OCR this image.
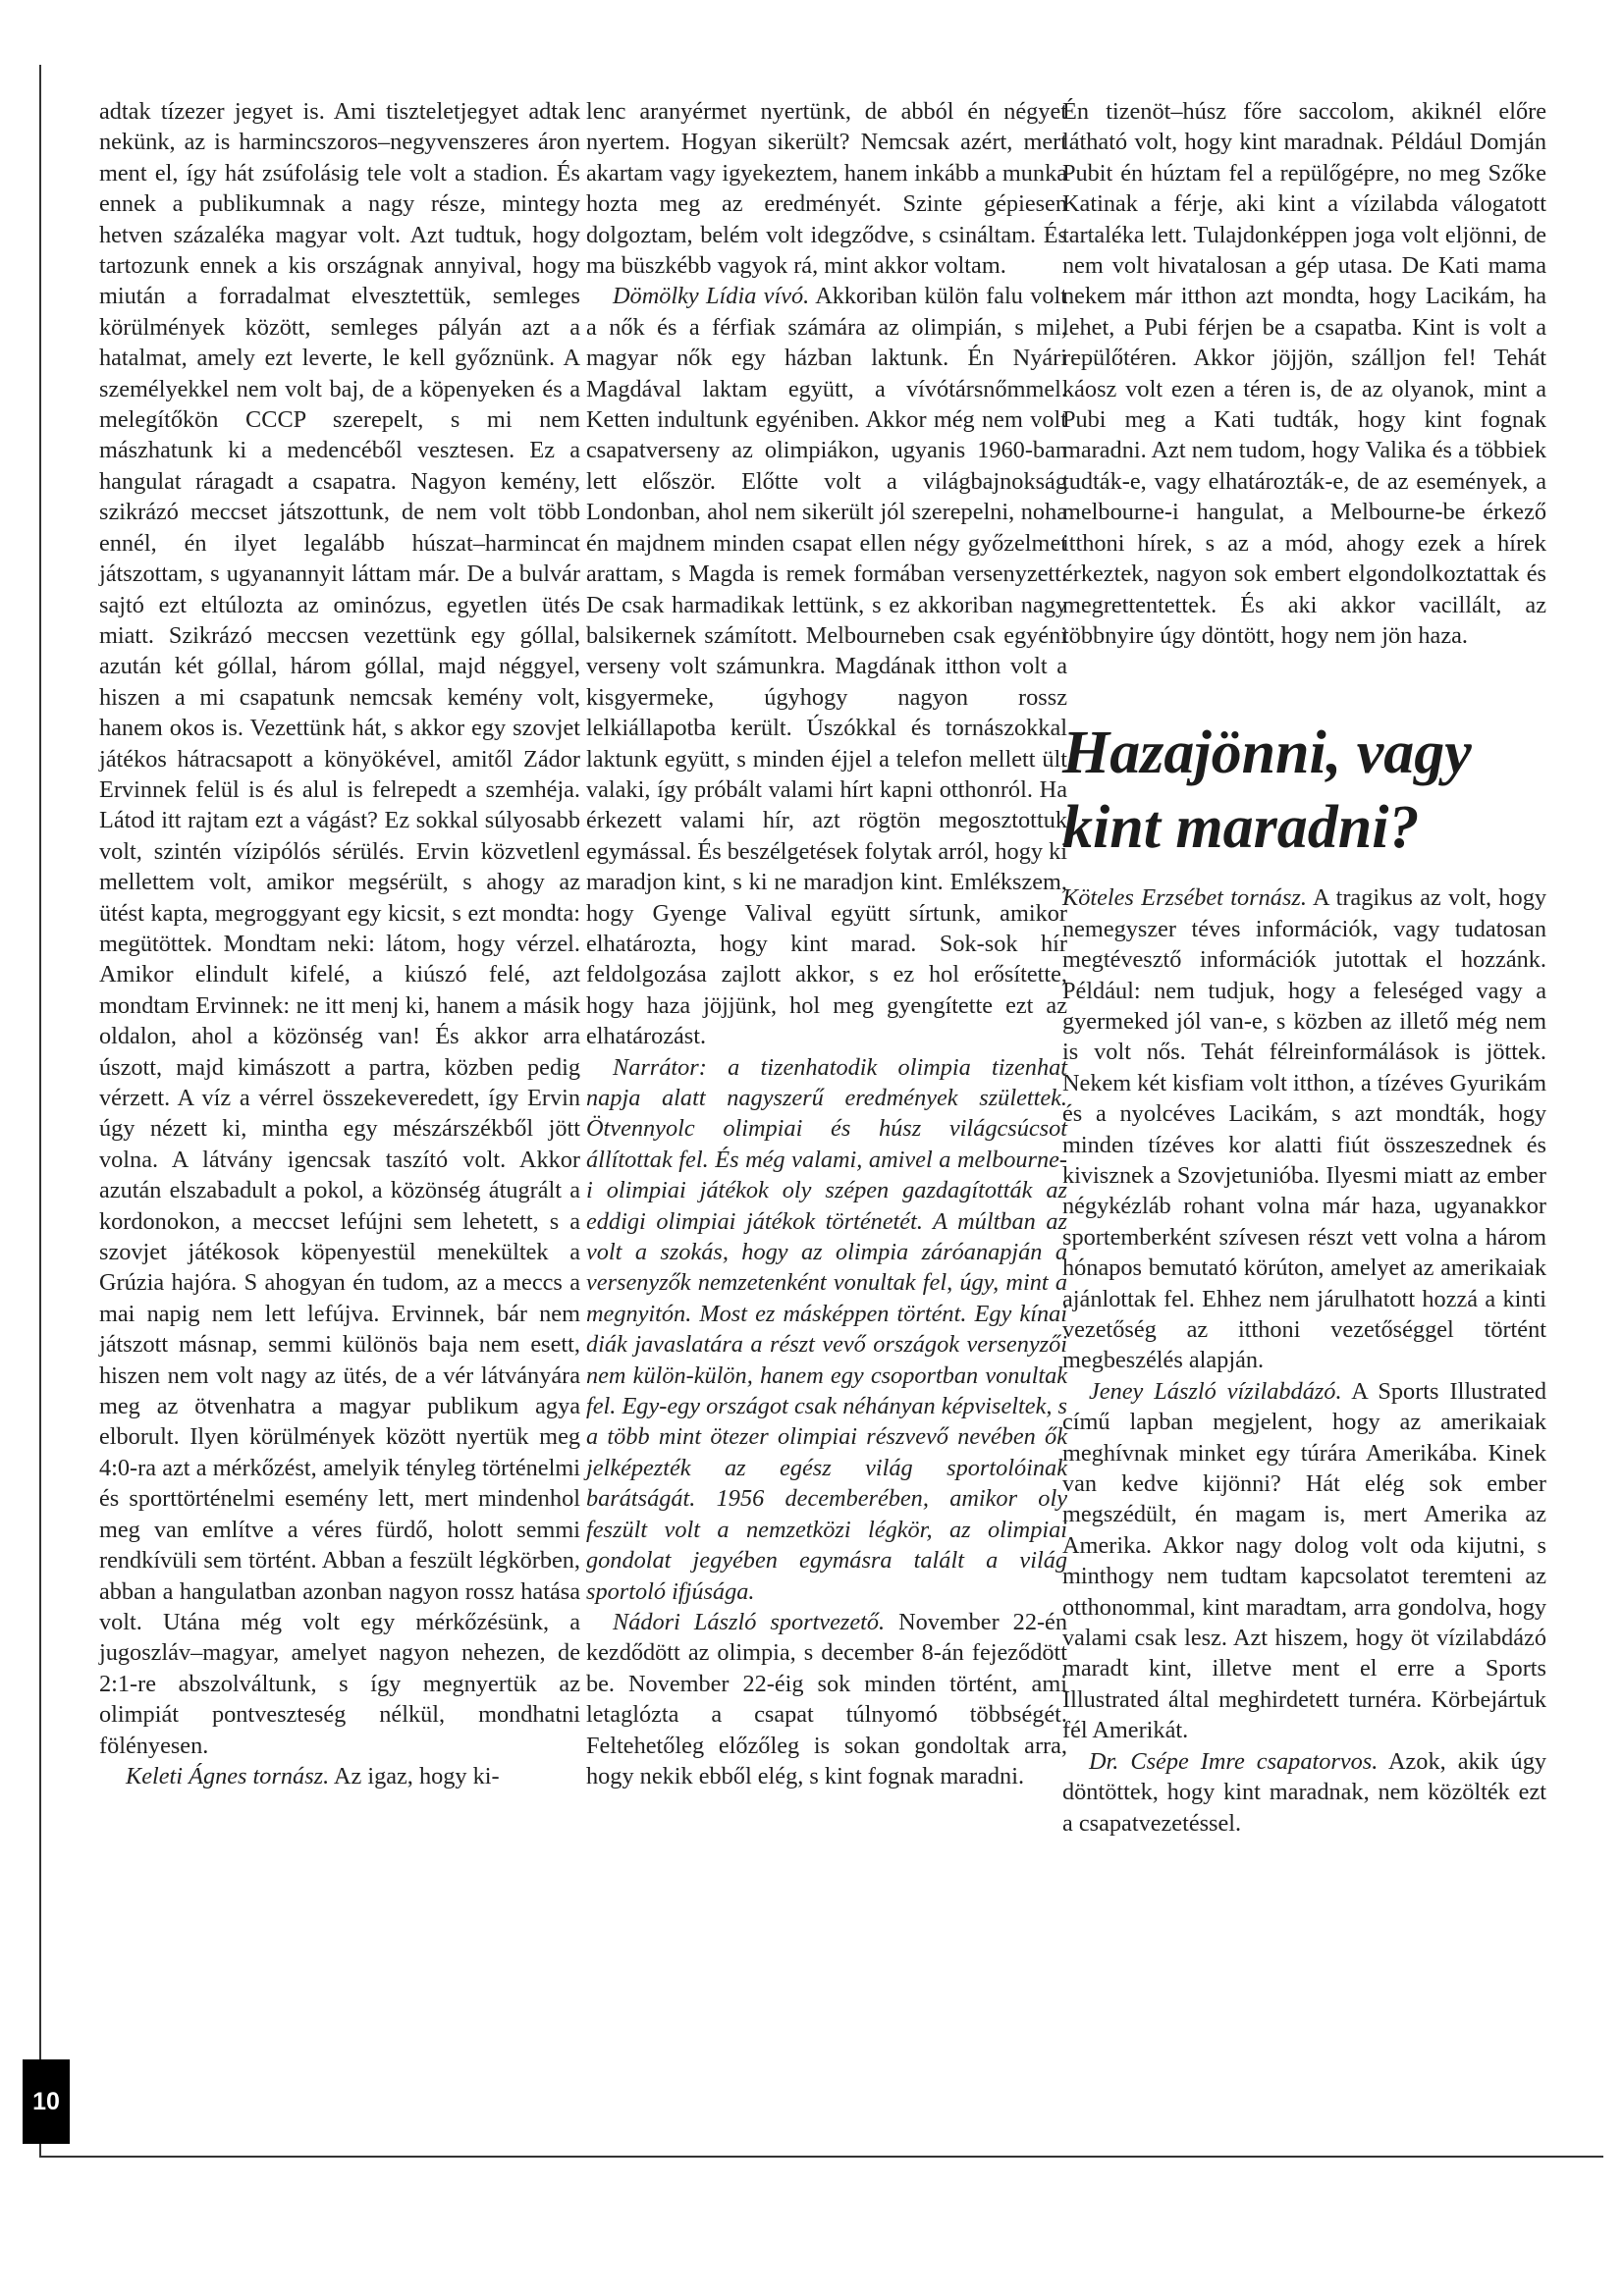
10

adtak tízezer jegyet is. Ami tiszteletjegyet adtak nekünk, az is harmincszoros–negyvenszeres áron ment el, így hát zsúfolásig tele volt a stadion. És ennek a publikumnak a nagy része, mintegy hetven százaléka magyar volt. Azt tudtuk, hogy tartozunk ennek a kis országnak annyival, hogy miután a forradalmat elvesztettük, semleges körülmények között, semleges pályán azt a hatalmat, amely ezt leverte, le kell győznünk. A személyekkel nem volt baj, de a köpenyeken és a melegítőkön CCCP szerepelt, s mi nem mászhatunk ki a medencéből vesztesen. Ez a hangulat ráragadt a csapatra. Nagyon kemény, szikrázó meccset játszottunk, de nem volt több ennél, én ilyet legalább húszat–harmincat játszottam, s ugyanannyit láttam már. De a bulvár sajtó ezt eltúlozta az ominózus, egyetlen ütés miatt. Szikrázó meccsen vezettünk egy góllal, azután két góllal, három góllal, majd néggyel, hiszen a mi csapatunk nemcsak kemény volt, hanem okos is. Vezettünk hát, s akkor egy szovjet játékos hátracsapott a könyökével, amitől Zádor Ervinnek felül is és alul is felrepedt a szemhéja. Látod itt rajtam ezt a vágást? Ez sokkal súlyosabb volt, szintén vízipólós sérülés. Ervin közvetlenl mellettem volt, amikor megsérült, s ahogy az ütést kapta, megroggyant egy kicsit, s ezt mondta: megütöttek. Mondtam neki: látom, hogy vérzel. Amikor elindult kifelé, a kiúszó felé, azt mondtam Ervinnek: ne itt menj ki, hanem a másik oldalon, ahol a közönség van! És akkor arra úszott, majd kimászott a partra, közben pedig vérzett. A víz a vérrel összekeveredett, így Ervin úgy nézett ki, mintha egy mészárszékből jött volna. A látvány igencsak taszító volt. Akkor azután elszabadult a pokol, a közönség átugrált a kordonokon, a meccset lefújni sem lehetett, s a szovjet játékosok köpenyestül menekültek a Grúzia hajóra. S ahogyan én tudom, az a meccs a mai napig nem lett lefújva. Ervinnek, bár nem játszott másnap, semmi különös baja nem esett, hiszen nem volt nagy az ütés, de a vér látványára meg az ötvenhatra a magyar publikum agya elborult. Ilyen körülmények között nyertük meg 4:0-ra azt a mérkőzést, amelyik tényleg történelmi és sporttörténelmi esemény lett, mert mindenhol meg van említve a véres fürdő, holott semmi rendkívüli sem történt. Abban a feszült légkörben, abban a hangulatban azonban nagyon rossz hatása volt. Utána még volt egy mérkőzésünk, a jugoszláv–magyar, amelyet nagyon nehezen, de 2:1-re abszolváltunk, s így megnyertük az olimpiát pontveszteség nélkül, mondhatni fölényesen.

Keleti Ágnes tornász. Az igaz, hogy ki-

lenc aranyérmet nyertünk, de abból én négyet nyertem. Hogyan sikerült? Nemcsak azért, mert akartam vagy igyekeztem, hanem inkább a munka hozta meg az eredményét. Szinte gépiesen dolgoztam, belém volt idegződve, s csináltam. És ma büszkébb vagyok rá, mint akkor voltam.

Dömölky Lídia vívó. Akkoriban külön falu volt a nők és a férfiak számára az olimpián, s mi, magyar nők egy házban laktunk. Én Nyári Magdával laktam együtt, a vívótársnőmmel. Ketten indultunk egyéniben. Akkor még nem volt csapatverseny az olimpiákon, ugyanis 1960-ban lett először. Előtte volt a világbajnokság Londonban, ahol nem sikerült jól szerepelni, noha én majdnem minden csapat ellen négy győzelmet arattam, s Magda is remek formában versenyzett. De csak harmadikak lettünk, s ez akkoriban nagy balsikernek számított. Melbourneben csak egyéni verseny volt számunkra. Magdának itthon volt a kisgyermeke, úgyhogy nagyon rossz lelkiállapotba került. Úszókkal és tornászokkal laktunk együtt, s minden éjjel a telefon mellett ült valaki, így próbált valami hírt kapni otthonról. Ha érkezett valami hír, azt rögtön megosztottuk egymással. És beszélgetések folytak arról, hogy ki maradjon kint, s ki ne maradjon kint. Emlékszem, hogy Gyenge Valival együtt sírtunk, amikor elhatározta, hogy kint marad. Sok-sok hír feldolgozása zajlott akkor, s ez hol erősítette, hogy haza jöjjünk, hol meg gyengítette ezt az elhatározást.

Narrátor: a tizenhatodik olimpia tizenhat napja alatt nagyszerű eredmények születtek. Ötvennyolc olimpiai és húsz világcsúcsot állítottak fel. És még valami, amivel a melbourne-i olimpiai játékok oly szépen gazdagították az eddigi olimpiai játékok történetét. A múltban az volt a szokás, hogy az olimpia záróanapján a versenyzők nemzetenként vonultak fel, úgy, mint a megnyitón. Most ez másképpen történt. Egy kínai diák javaslatára a részt vevő országok versenyzői nem külön-külön, hanem egy csoportban vonultak fel. Egy-egy országot csak néhányan képviseltek, s a több mint ötezer olimpiai részvevő nevében ők jelképezték az egész világ sportolóinak barátságát. 1956 decemberében, amikor oly feszült volt a nemzetközi légkör, az olimpiai gondolat jegyében egymásra talált a világ sportoló ifjúsága.

Nádori László sportvezető. November 22-én kezdődött az olimpia, s december 8-án fejeződött be. November 22-éig sok minden történt, ami letaglózta a csapat túlnyomó többségét. Feltehetőleg előzőleg is sokan gondoltak arra, hogy nekik ebből elég, s kint fognak maradni.

Én tizenöt–húsz főre saccolom, akiknél előre látható volt, hogy kint maradnak. Például Domján Pubit én húztam fel a repülőgépre, no meg Szőke Katinak a férje, aki kint a vízilabda válogatott tartaléka lett. Tulajdonképpen joga volt eljönni, de nem volt hivatalosan a gép utasa. De Kati mama nekem már itthon azt mondta, hogy Lacikám, ha lehet, a Pubi férjen be a csapatba. Kint is volt a repülőtéren. Akkor jöjjön, szálljon fel! Tehát káosz volt ezen a téren is, de az olyanok, mint a Pubi meg a Kati tudták, hogy kint fognak maradni. Azt nem tudom, hogy Valika és a többiek tudták-e, vagy elhatározták-e, de az események, a melbourne-i hangulat, a Melbourne-be érkező itthoni hírek, s az a mód, ahogy ezek a hírek érkeztek, nagyon sok embert elgondolkoztattak és megrettentettek. És aki akkor vacillált, az többnyire úgy döntött, hogy nem jön haza.

Hazajönni, vagy kint maradni?

Köteles Erzsébet tornász. A tragikus az volt, hogy nemegyszer téves információk, vagy tudatosan megtévesztő információk jutottak el hozzánk. Például: nem tudjuk, hogy a feleséged vagy a gyermeked jól van-e, s közben az illető még nem is volt nős. Tehát félreinformálások is jöttek. Nekem két kisfiam volt itthon, a tízéves Gyurikám és a nyolcéves Lacikám, s azt mondták, hogy minden tízéves kor alatti fiút összeszednek és kivisznek a Szovjetunióba. Ilyesmi miatt az ember négykézláb rohant volna már haza, ugyanakkor sportemberként szívesen részt vett volna a három hónapos bemutató körúton, amelyet az amerikaiak ajánlottak fel. Ehhez nem járulhatott hozzá a kinti vezetőség az itthoni vezetőséggel történt megbeszélés alapján.

Jeney László vízilabdázó. A Sports Illustrated című lapban megjelent, hogy az amerikaiak meghívnak minket egy túrára Amerikába. Kinek van kedve kijönni? Hát elég sok ember megszédült, én magam is, mert Amerika az Amerika. Akkor nagy dolog volt oda kijutni, s minthogy nem tudtam kapcsolatot teremteni az otthonommal, kint maradtam, arra gondolva, hogy valami csak lesz. Azt hiszem, hogy öt vízilabdázó maradt kint, illetve ment el erre a Sports Illustrated által meghirdetett turnéra. Körbejártuk fél Amerikát.

Dr. Csépe Imre csapatorvos. Azok, akik úgy döntöttek, hogy kint maradnak, nem közölték ezt a csapatvezetéssel.
